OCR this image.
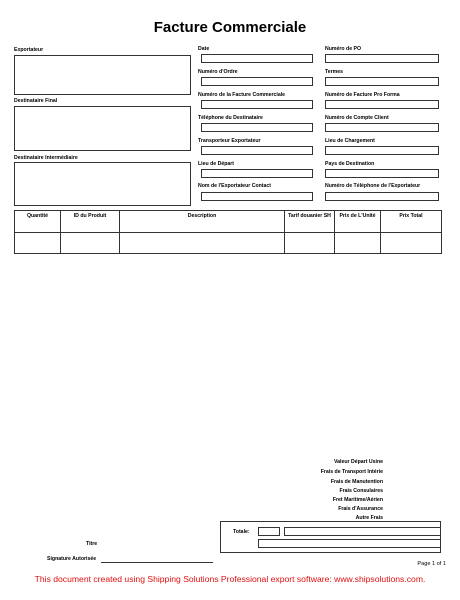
Facture Commerciale
Exportateur
Destinataire Final
Destinataire Intermédiaire
Date
Numéro d'Ordre
Numéro de la Facture Commerciale
Téléphone du Destinataire
Transporteur Exportateur
Lieu de Départ
Nom de l'Exportateur Contact
Numéro de PO
Termes
Numéro de Facture Pro Forma
Numéro de Compte Client
Lieu de Chargement
Pays de Destination
Numéro de Téléphone de l'Exportateur
Quantité	ID du Produit	Description	Tarif douanier SH	Prix de L'Unité	Prix Total

Valeur Départ Usine
Frais de Transport Intérie
Frais de Manutention
Frais Consulaires
Fret Maritime/Aérien
Frais d'Assurance
Autre Frais
Totale:
Titre
Signature Autorisée
Page 1 of 1
This document created using Shipping Solutions Professional export software: www.shipsolutions.com.
